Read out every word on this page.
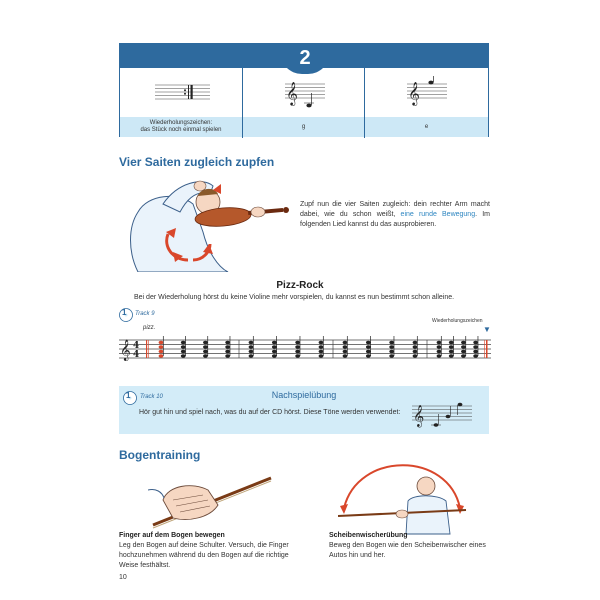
2
Wiederholungszeichen:
das Stück noch einmal spielen
𝄞
g
𝄞
e
Vier Saiten zugleich zupfen
Zupf nun die vier Saiten zugleich: dein rechter Arm macht dabei, wie du schon weißt, eine runde Bewegung. Im folgenden Lied kannst du das ausprobieren.
Pizz-Rock
Bei der Wiederholung hörst du keine Violine mehr vorspielen, du kannst es nun bestimmt schon alleine.
1 Track 9
pizz.
Wiederholungszeichen
▼
𝄞 4
4
1 Track 10	Nachspielübung
Hör gut hin und spiel nach, was du auf der CD hörst. Diese Töne werden verwendet: 𝄞
Bogentraining
Finger auf dem Bogen bewegen
Leg den Bogen auf deine Schulter. Versuch, die Finger hochzunehmen während du den Bogen auf die richtige Weise festhältst.
Scheibenwischerübung
Beweg den Bogen wie den Scheibenwischer eines Autos hin und her.
10
